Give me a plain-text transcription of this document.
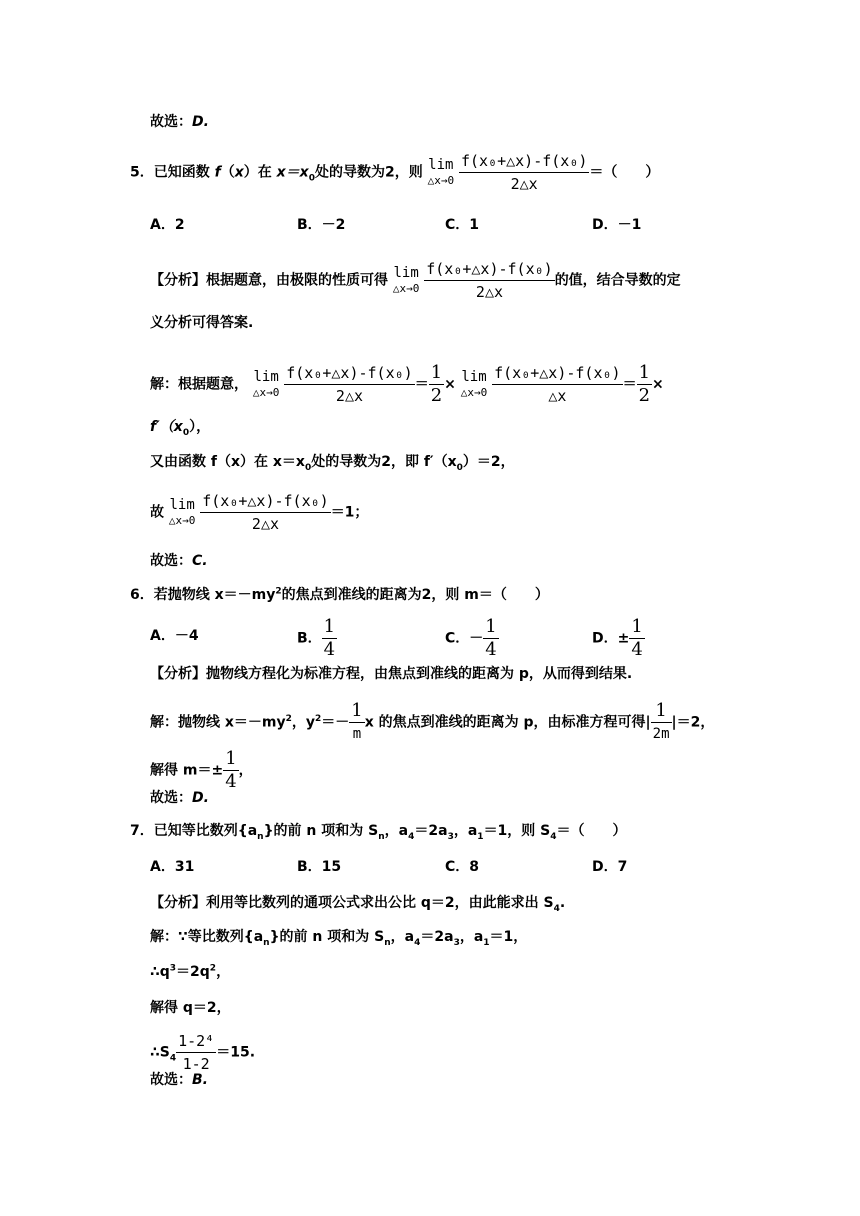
故选：D.
5．已知函数 f（x）在 $x=x_0$处的导数为2，则 lim
△x→0
$\frac{\text{f(x₀+△x)-f(x₀)}}{2\triangle x}$ ＝（　　）
A．2	B．－2	C．1	D．－1
【分析】根据题意，由极限的性质可得 lim
△x→0
$\frac{\text{f(x₀+△x)-f(x₀)}}{2\triangle x}$ 的值，结合导数的定
义分析可得答案.
解：根据题意， lim
△x→0
$\frac{\text{f(x₀+△x)-f(x₀)}}{2\triangle x} = \frac{1}{2} \times \lim$
△x→0
$\frac{\text{f(x₀+△x)-f(x₀)}}{\triangle x} = \frac{1}{2}$ ×
$f'(x_0)$，
又由函数 f（x）在 $x=x_0$处的导数为2，即 $f'(x_0)=2$，
故 lim
△x→0
$\frac{\text{f(x₀+△x)-f(x₀)}}{2\triangle x} =1$；
故选：C.
6．若抛物线 $x=-my^2$的焦点到准线的距离为2，则 m＝（　　）
A．－4	B． $\frac{1}{4}$	C．－ $\frac{1}{4}$	D．± $\frac{1}{4}$
【分析】抛物线方程化为标准方程，由焦点到准线的距离为 p，从而得到结果.
解：抛物线 $x=-my^2$，$y^2=- \frac{1}{m}$ x 的焦点到准线的距离为 p，由标准方程可得| $\frac{1}{2m} |=2$，
解得 $m=\pm \frac{1}{4}$ ，
故选：D.
7．已知等比数列$\{a_n\}$的前 n 项和为 $S_n$，$a_4=2a_3$，$a_1=1$，则 $S_4=$（　　）
A．31	B．15	C．8	D．7
【分析】利用等比数列的通项公式求出公比 q＝2，由此能求出 $S_4$.
解：∵等比数列$\{a_n\}$的前 n 项和为 $S_n$，$a_4=2a_3$，$a_1=1$，
$\therefore q^3=2q^2$，
解得 q＝2，
$\therefore S_4 \frac{\text{1-2⁴}}{1-2} =15$.
故选：B.
